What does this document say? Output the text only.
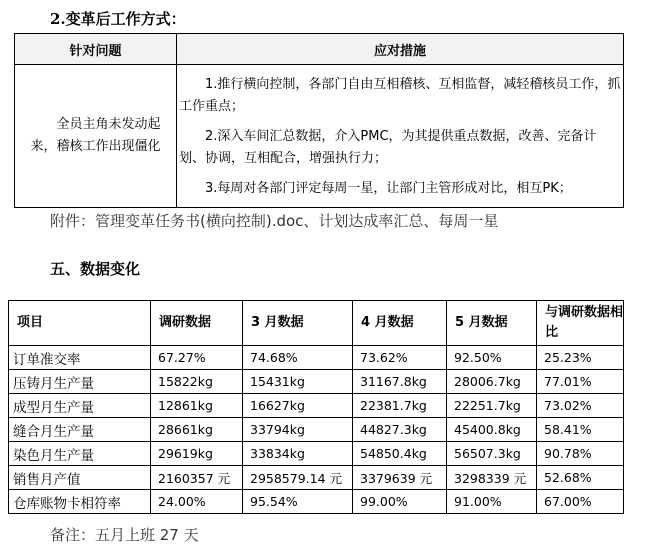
2.变革后工作方式：
针对问题	应对措施
全员主角未发动起来，稽核工作出现僵化	1.推行横向控制，各部门自由互相稽核、互相监督，减轻稽核员工作，抓工作重点；
2.深入车间汇总数据，介入PMC，为其提供重点数据，改善、完备计划、协调，互相配合，增强执行力；
3.每周对各部门评定每周一星，让部门主管形成对比，相互PK；
附件：管理变革任务书(横向控制).doc、计划达成率汇总、每周一星
五、数据变化
项目	调研数据	3 月数据	4 月数据	5 月数据	与调研数据相比
订单准交率	67.27%	74.68%	73.62%	92.50%	25.23%
压铸月生产量	15822kg	15431kg	31167.8kg	28006.7kg	77.01%
成型月生产量	12861kg	16627kg	22381.7kg	22251.7kg	73.02%
缝合月生产量	28661kg	33794kg	44827.3kg	45400.8kg	58.41%
染色月生产量	29619kg	33834kg	54850.4kg	56507.3kg	90.78%
销售月产值	2160357 元	2958579.14 元	3379639 元	3298339 元	52.68%
仓库账物卡相符率	24.00%	95.54%	99.00%	91.00%	67.00%
备注：五月上班 27 天
